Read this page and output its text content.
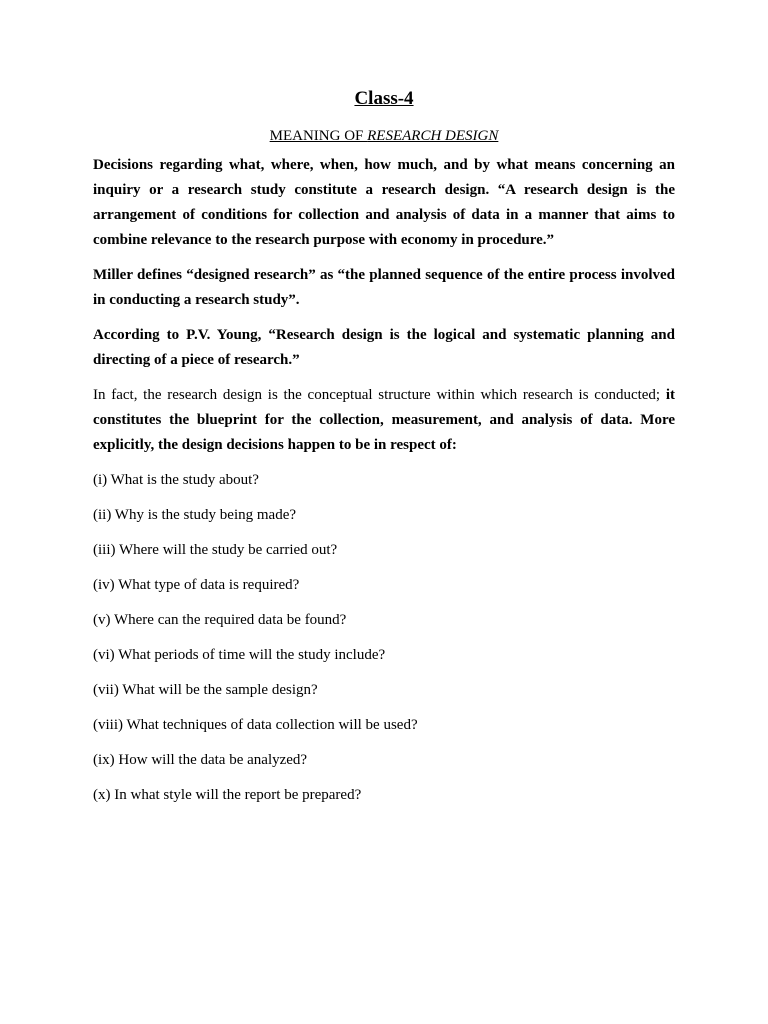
Class-4
MEANING OF RESEARCH DESIGN

Decisions regarding what, where, when, how much, and by what means concerning an inquiry or a research study constitute a research design. “A research design is the arrangement of conditions for collection and analysis of data in a manner that aims to combine relevance to the research purpose with economy in procedure.”

Miller defines “designed research” as “the planned sequence of the entire process involved in conducting a research study”.

According to P.V. Young, “Research design is the logical and systematic planning and directing of a piece of research.”

In fact, the research design is the conceptual structure within which research is conducted; it constitutes the blueprint for the collection, measurement, and analysis of data. More explicitly, the design decisions happen to be in respect of:

(i) What is the study about?
(ii) Why is the study being made?
(iii) Where will the study be carried out?
(iv) What type of data is required?
(v) Where can the required data be found?
(vi) What periods of time will the study include?
(vii) What will be the sample design?
(viii) What techniques of data collection will be used?
(ix) How will the data be analyzed?
(x) In what style will the report be prepared?
